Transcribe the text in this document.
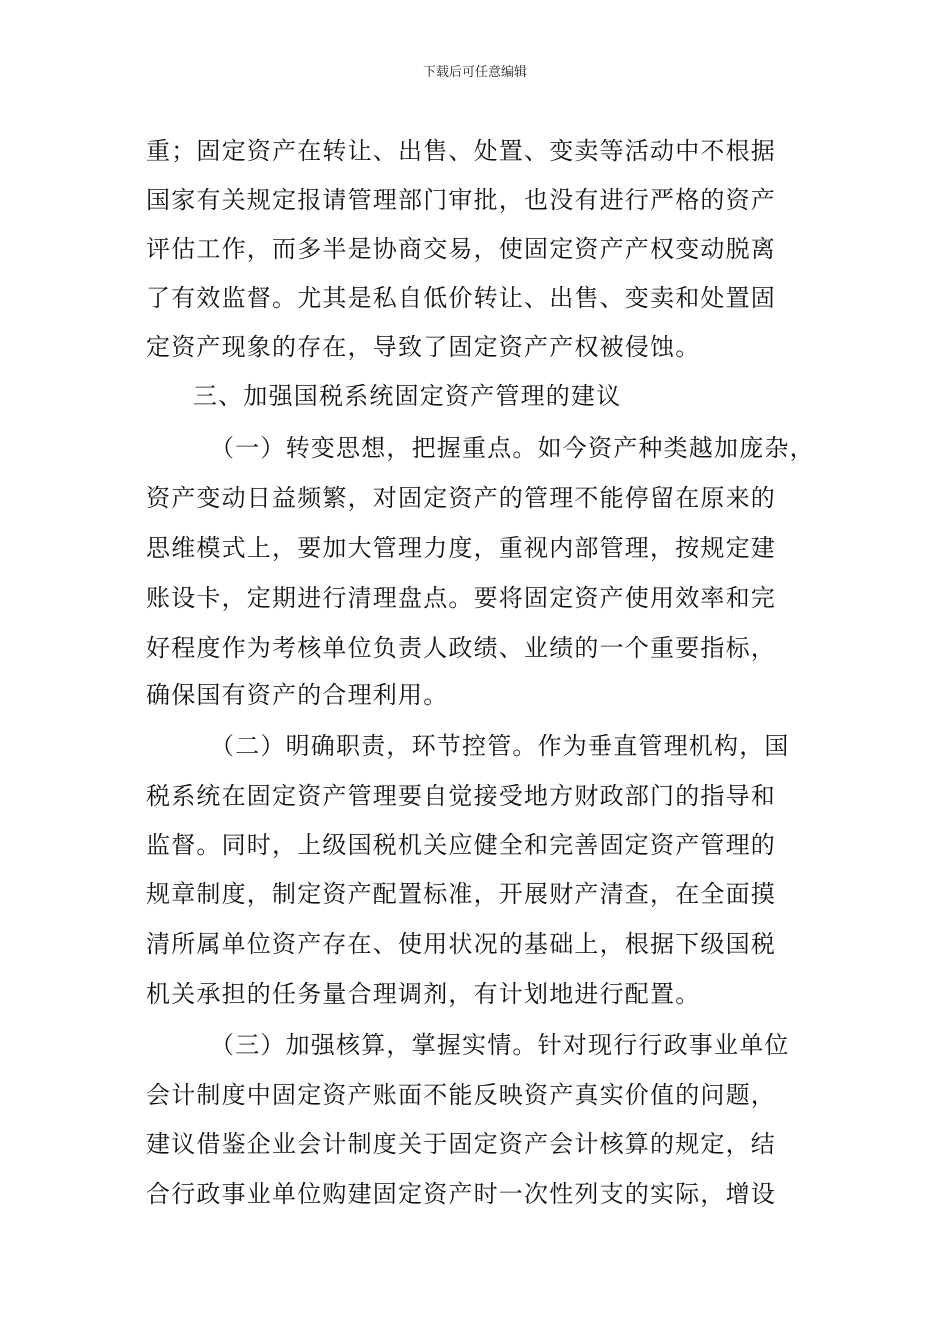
下载后可任意编辑
重；固定资产在转让、出售、处置、变卖等活动中不根据
国家有关规定报请管理部门审批，也没有进行严格的资产
评估工作，而多半是协商交易，使固定资产产权变动脱离
了有效监督。尤其是私自低价转让、出售、变卖和处置固
定资产现象的存在，导致了固定资产产权被侵蚀。
三、加强国税系统固定资产管理的建议
（一）转变思想，把握重点。如今资产种类越加庞杂，
资产变动日益频繁，对固定资产的管理不能停留在原来的
思维模式上，要加大管理力度，重视内部管理，按规定建
账设卡，定期进行清理盘点。要将固定资产使用效率和完
好程度作为考核单位负责人政绩、业绩的一个重要指标，
确保国有资产的合理利用。
（二）明确职责，环节控管。作为垂直管理机构，国
税系统在固定资产管理要自觉接受地方财政部门的指导和
监督。同时，上级国税机关应健全和完善固定资产管理的
规章制度，制定资产配置标准，开展财产清查，在全面摸
清所属单位资产存在、使用状况的基础上，根据下级国税
机关承担的任务量合理调剂，有计划地进行配置。
（三）加强核算，掌握实情。针对现行行政事业单位
会计制度中固定资产账面不能反映资产真实价值的问题，
建议借鉴企业会计制度关于固定资产会计核算的规定，结
合行政事业单位购建固定资产时一次性列支的实际，增设
